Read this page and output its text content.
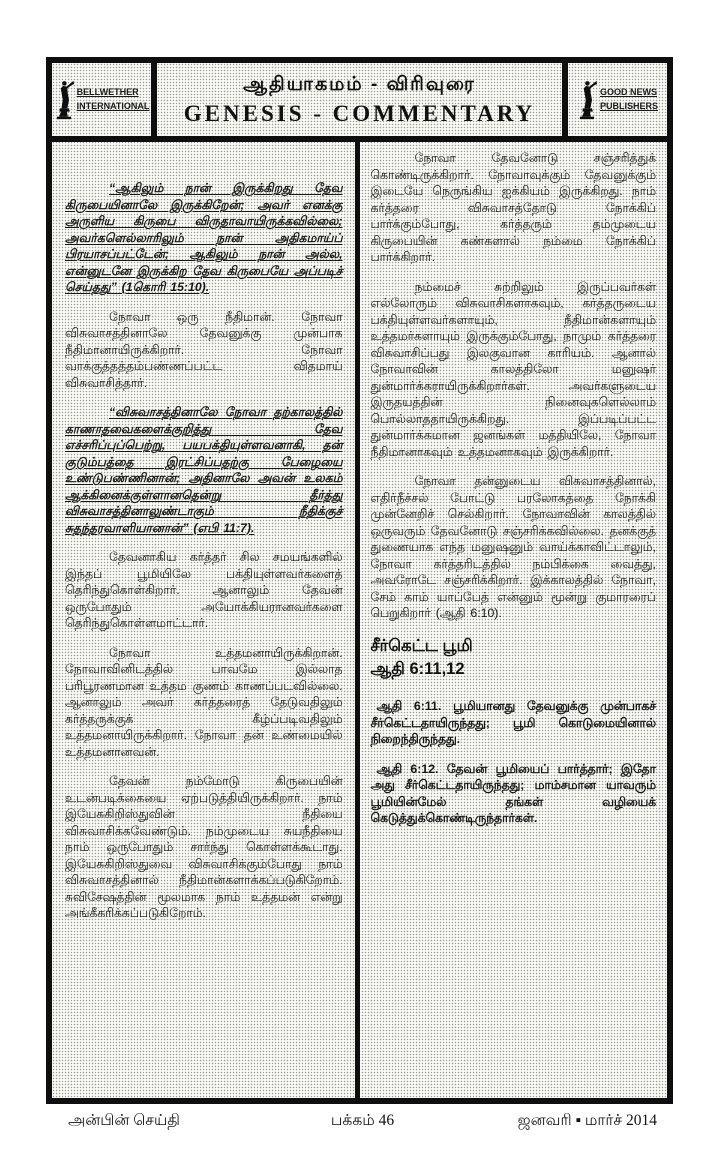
BELLWETHER
INTERNATIONAL
ஆதியாகமம் - விரிவுரை
GENESIS - COMMENTARY
GOOD NEWS
PUBLISHERS

“ஆகிலும் நான் இருக்கிறது தேவ கிருபையினாலே இருக்கிறேன்; அவர் எனக்கு அருளிய கிருபை விருதாவாயிருக்கவில்லை; அவர்களெல்லாரிலும் நான் அதிகமாய்ப் பிரயாசப்பட்டேன்; ஆகிலும் நான் அல்ல, என்னுடனே இருக்கிற தேவ கிருபையே அப்படிச் செய்தது” (1கொரி 15:10).

நோவா ஒரு நீதிமான். நோவா விசுவாசத்தினாலே தேவனுக்கு முன்பாக நீதிமானாயிருக்கிறார். நோவா வாக்குத்தத்தம்பண்ணப்பட்ட விதமாய் விசுவாசித்தார்.

“விசுவாசத்தினாலே நோவா தற்காலத்தில் காணாதவைகளைக்குறித்து தேவ எச்சரிப்புப்பெற்று, பயபக்தியுள்ளவனாகி, தன் குடும்பத்தை இரட்சிப்பதற்கு பேழையை உண்டுபண்ணினான்; அதினாலே அவன் உலகம் ஆக்கினைக்குள்ளானதென்று தீர்த்து விசுவாசத்தினாலுண்டாகும் நீதிக்குச் சுதந்தரவாளியானான்” (எபி 11:7).

தேவனாகிய கர்த்தர் சில சமயங்களில் இந்தப் பூமியிலே பக்தியுள்ளவர்களைத் தெரிந்துகொள்கிறார். ஆனாலும் தேவன் ஒருபோதும் அயோக்கியரானவர்களை தெரிந்துகொள்ளமாட்டார்.

நோவா உத்தமனாயிருக்கிறான். நோவாவினிடத்தில் பாவமே இல்லாத பரிபூரணமான உத்தம குணம் காணப்படவில்லை. ஆனாலும் அவர் கர்த்தரைத் தேடுவதிலும் கர்த்தருக்குக் கீழ்ப்படிவதிலும் உத்தமனாயிருக்கிறார். நோவா தன் உண்மையில் உத்தமனானவன்.

தேவன் நம்மோடு கிருபையின் உடன்படிக்கையை ஏற்படுத்தியிருக்கிறார். நாம் இயேசுகிறிஸ்துவின் நீதியை விசுவாசிக்கவேண்டும். நம்முடைய சுயநீதியை நாம் ஒருபோதும் சார்ந்து கொள்ளக்கூடாது. இயேசுகிறிஸ்துவை விசுவாசிக்கும்போது நாம் விசுவாசத்தினால் நீதிமான்களாக்கப்படுகிறோம். சுவிசேஷத்தின் மூலமாக நாம் உத்தமன் என்று அங்கீகரிக்கப்படுகிறோம்.

நோவா தேவனோடு சஞ்சரித்துக் கொண்டிருக்கிறார். நோவாவுக்கும் தேவனுக்கும் இடையே நெருங்கிய ஐக்கியம் இருக்கிறது. நாம் கர்த்தரை விசுவாசத்தோடு நோக்கிப் பார்க்கும்போது, கர்த்தரும் தம்முடைய கிருபையின் கண்களால் நம்மை நோக்கிப் பார்க்கிறார்.

நம்மைச் சுற்றிலும் இருப்பவர்கள் எல்லோரும் விசுவாசிகளாகவும், கர்த்தருடைய பக்தியுள்ளவர்களாயும், நீதிமான்களாயும் உத்தமர்களாயும் இருக்கும்போது, நாமும் கர்த்தரை விசுவாசிப்பது இலகுவான காரியம். ஆனால் நோவாவின் காலத்திலோ மனுஷர் துன்மார்க்கராயிருக்கிறார்கள். அவர்களுடைய இருதயத்தின் நினைவுகளெல்லாம் பொல்லாததாயிருக்கிறது. இப்படிப்பட்ட துன்மார்க்கமான ஜனங்கள் மத்தியிலே, நோவா நீதிமானாகவும் உத்தமனாகவும் இருக்கிறார்.

நோவா தன்னுடைய விசுவாசத்தினால், எதிர்நீச்சல் போட்டு பரலோகத்தை நோக்கி முன்னேறிச் செல்கிறார். நோவாவின் காலத்தில் ஒருவரும் தேவனோடு சஞ்சரிக்கவில்லை. தனக்குத் துணையாக எந்த மனுஷனும் வாய்க்காவிட்டாலும், நோவா கர்த்தரிடத்தில் நம்பிக்கை வைத்து, அவரோடே சஞ்சரிக்கிறார். இக்காலத்தில் நோவா, சேம் காம் யாப்பேத் என்னும் மூன்று குமாரரைப் பெறுகிறார் (ஆதி 6:10).

சீர்கெட்ட பூமி
ஆதி 6:11,12

ஆதி 6:11. பூமியானது தேவனுக்கு முன்பாகச் சீர்கெட்டதாயிருந்தது; பூமி கொடுமையினால் நிறைந்திருந்தது.

ஆதி 6:12. தேவன் பூமியைப் பார்த்தார்; இதோ அது சீர்கெட்டதாயிருந்தது; மாம்சமான யாவரும் பூமியின்மேல் தங்கள் வழியைக் கெடுத்துக்கொண்டிருந்தார்கள்.

அன்பின் செய்தி	பக்கம் 46	ஜனவரி ▪ மார்ச் 2014
